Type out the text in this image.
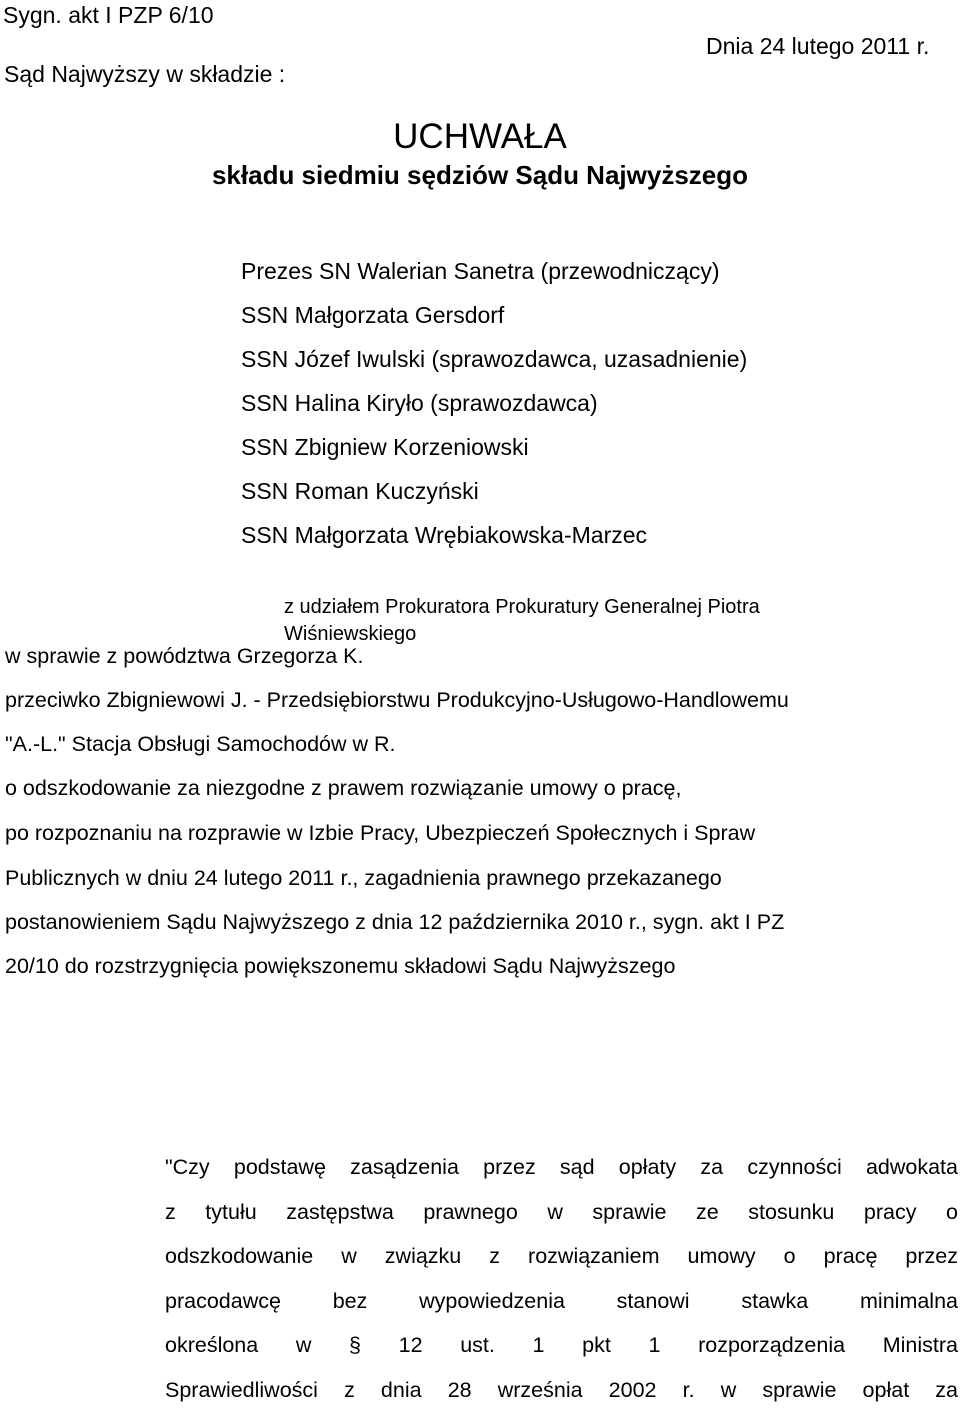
Sygn. akt I PZP 6/10

Dnia 24 lutego 2011 r.

Sąd Najwyższy w składzie :

UCHWAŁA
składu siedmiu sędziów Sądu Najwyższego

Prezes SN Walerian Sanetra (przewodniczący)

SSN Małgorzata Gersdorf

SSN Józef Iwulski (sprawozdawca, uzasadnienie)

SSN Halina Kiryło (sprawozdawca)

SSN Zbigniew Korzeniowski

SSN Roman Kuczyński

SSN Małgorzata Wrębiakowska-Marzec

z udziałem Prokuratora Prokuratury Generalnej Piotra

Wiśniewskiego

w sprawie z powództwa Grzegorza K.

przeciwko Zbigniewowi J. - Przedsiębiorstwu Produkcyjno-Usługowo-Handlowemu

"A.-L." Stacja Obsługi Samochodów w R.

o odszkodowanie za niezgodne z prawem rozwiązanie umowy o pracę,

po rozpoznaniu na rozprawie w Izbie Pracy, Ubezpieczeń Społecznych i Spraw

Publicznych w dniu 24 lutego 2011 r., zagadnienia prawnego przekazanego

postanowieniem Sądu Najwyższego z dnia 12 października 2010 r., sygn. akt I PZ

20/10 do rozstrzygnięcia powiększonemu składowi Sądu Najwyższego

"Czy podstawę zasądzenia przez sąd opłaty za czynności adwokata
z tytułu zastępstwa prawnego w sprawie ze stosunku pracy o
odszkodowanie w związku z rozwiązaniem umowy o pracę przez
pracodawcę bez wypowiedzenia stanowi stawka minimalna
określona w § 12 ust. 1 pkt 1 rozporządzenia Ministra
Sprawiedliwości z dnia 28 września 2002 r. w sprawie opłat za
